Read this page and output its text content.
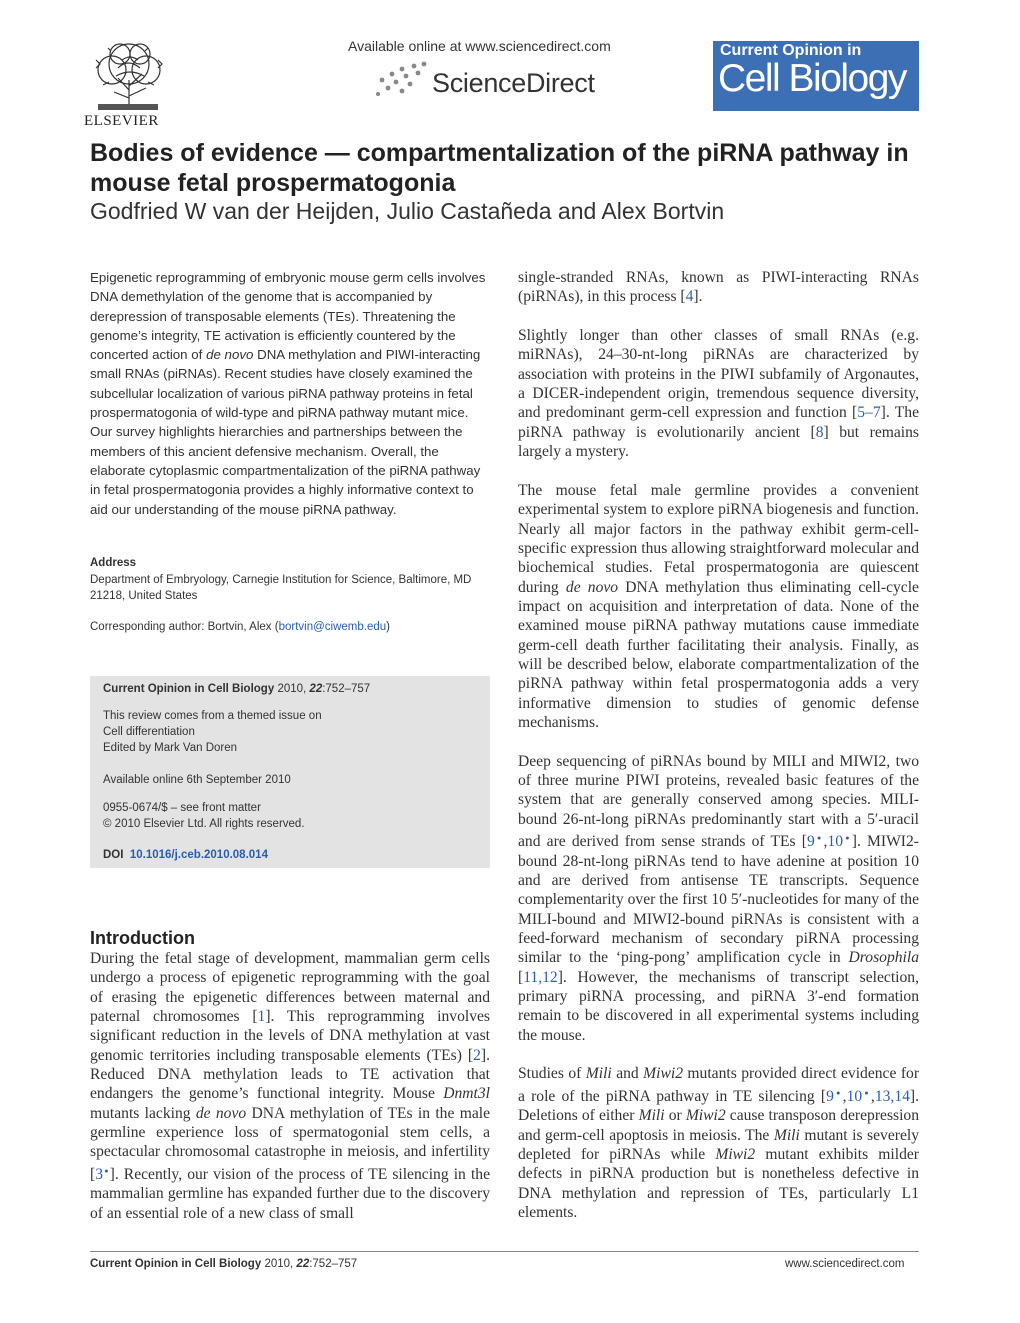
ELSEVIER
Available online at www.sciencedirect.com
ScienceDirect
Current Opinion in
Cell Biology
Bodies of evidence — compartmentalization of the piRNA pathway in mouse fetal prospermatogonia
Godfried W van der Heijden, Julio Castañeda and Alex Bortvin

Epigenetic reprogramming of embryonic mouse germ cells involves DNA demethylation of the genome that is accompanied by derepression of transposable elements (TEs). Threatening the genome’s integrity, TE activation is efficiently countered by the concerted action of de novo DNA methylation and PIWI-interacting small RNAs (piRNAs). Recent studies have closely examined the subcellular localization of various piRNA pathway proteins in fetal prospermatogonia of wild-type and piRNA pathway mutant mice. Our survey highlights hierarchies and partnerships between the members of this ancient defensive mechanism. Overall, the elaborate cytoplasmic compartmentalization of the piRNA pathway in fetal prospermatogonia provides a highly informative context to aid our understanding of the mouse piRNA pathway.

Address
Department of Embryology, Carnegie Institution for Science, Baltimore, MD 21218, United States
Corresponding author: Bortvin, Alex (bortvin@ciwemb.edu)
Current Opinion in Cell Biology 2010, 22:752–757
This review comes from a themed issue on
Cell differentiation
Edited by Mark Van Doren
Available online 6th September 2010
0955-0674/$ – see front matter
© 2010 Elsevier Ltd. All rights reserved.
DOI 10.1016/j.ceb.2010.08.014
Introduction

During the fetal stage of development, mammalian germ cells undergo a process of epigenetic reprogramming with the goal of erasing the epigenetic differences between maternal and paternal chromosomes [1]. This reprogramming involves significant reduction in the levels of DNA methylation at vast genomic territories including transposable elements (TEs) [2]. Reduced DNA methylation leads to TE activation that endangers the genome’s functional integrity. Mouse Dnmt3l mutants lacking de novo DNA methylation of TEs in the male germline experience loss of spermatogonial stem cells, a spectacular chromosomal catastrophe in meiosis, and infertility [3●]. Recently, our vision of the process of TE silencing in the mammalian germline has expanded further due to the discovery of an essential role of a new class of small

single-stranded RNAs, known as PIWI-interacting RNAs (piRNAs), in this process [4].

Slightly longer than other classes of small RNAs (e.g. miRNAs), 24–30-nt-long piRNAs are characterized by association with proteins in the PIWI subfamily of Argonautes, a DICER-independent origin, tremendous sequence diversity, and predominant germ-cell expression and function [5–7]. The piRNA pathway is evolutionarily ancient [8] but remains largely a mystery.

The mouse fetal male germline provides a convenient experimental system to explore piRNA biogenesis and function. Nearly all major factors in the pathway exhibit germ-cell-specific expression thus allowing straightforward molecular and biochemical studies. Fetal prospermatogonia are quiescent during de novo DNA methylation thus eliminating cell-cycle impact on acquisition and interpretation of data. None of the examined mouse piRNA pathway mutations cause immediate germ-cell death further facilitating their analysis. Finally, as will be described below, elaborate compartmentalization of the piRNA pathway within fetal prospermatogonia adds a very informative dimension to studies of genomic defense mechanisms.

Deep sequencing of piRNAs bound by MILI and MIWI2, two of three murine PIWI proteins, revealed basic features of the system that are generally conserved among species. MILI-bound 26-nt-long piRNAs predominantly start with a 5′-uracil and are derived from sense strands of TEs [9●,10●]. MIWI2-bound 28-nt-long piRNAs tend to have adenine at position 10 and are derived from antisense TE transcripts. Sequence complementarity over the first 10 5′-nucleotides for many of the MILI-bound and MIWI2-bound piRNAs is consistent with a feed-forward mechanism of secondary piRNA processing similar to the ‘ping-pong’ amplification cycle in Drosophila [11,12]. However, the mechanisms of transcript selection, primary piRNA processing, and piRNA 3′-end formation remain to be discovered in all experimental systems including the mouse.

Studies of Mili and Miwi2 mutants provided direct evidence for a role of the piRNA pathway in TE silencing [9●,10●,13,14]. Deletions of either Mili or Miwi2 cause transposon derepression and germ-cell apoptosis in meiosis. The Mili mutant is severely depleted for piRNAs while Miwi2 mutant exhibits milder defects in piRNA production but is nonetheless defective in DNA methylation and repression of TEs, particularly L1 elements.

Current Opinion in Cell Biology 2010, 22:752–757	www.sciencedirect.com
